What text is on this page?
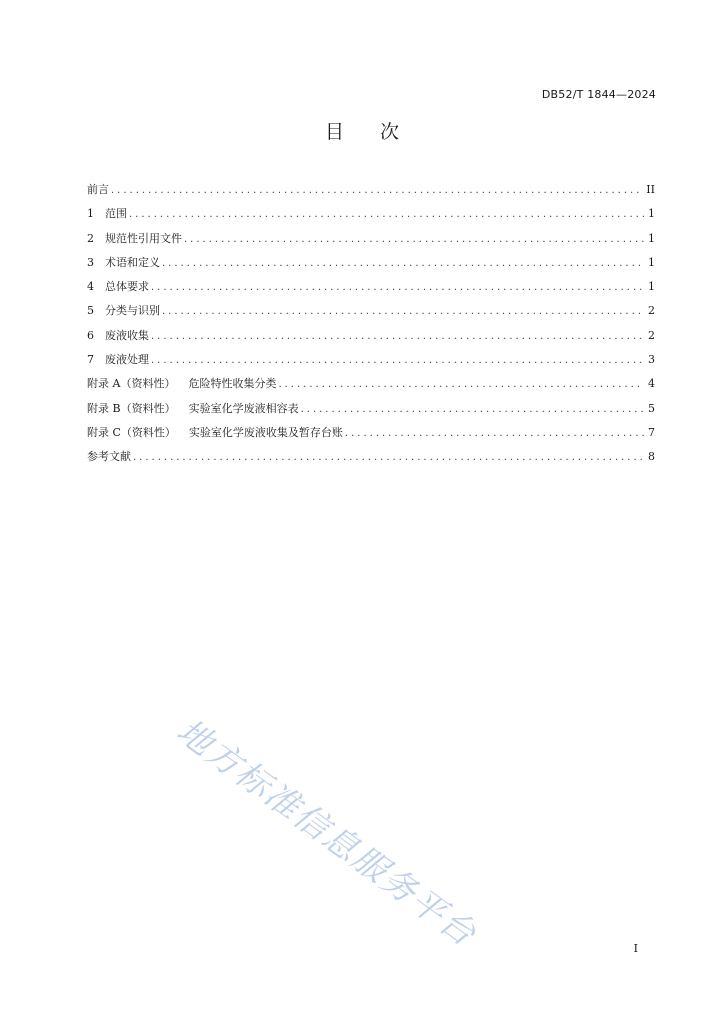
DB52/T 1844—2024
目 次
前言 .....	II
1	范围 .....	1
2	规范性引用文件 .....	1
3	术语和定义 .....	1
4	总体要求 .....	1
5	分类与识别 .....	2
6	废液收集 .....	2
7	废液处理 .....	3
附录 A（资料性） 危险特性收集分类 .....	4
附录 B（资料性） 实验室化学废液相容表 .....	5
附录 C（资料性） 实验室化学废液收集及暂存台账 .....	7
参考文献 .....	8
地方标准信息服务平台	I
